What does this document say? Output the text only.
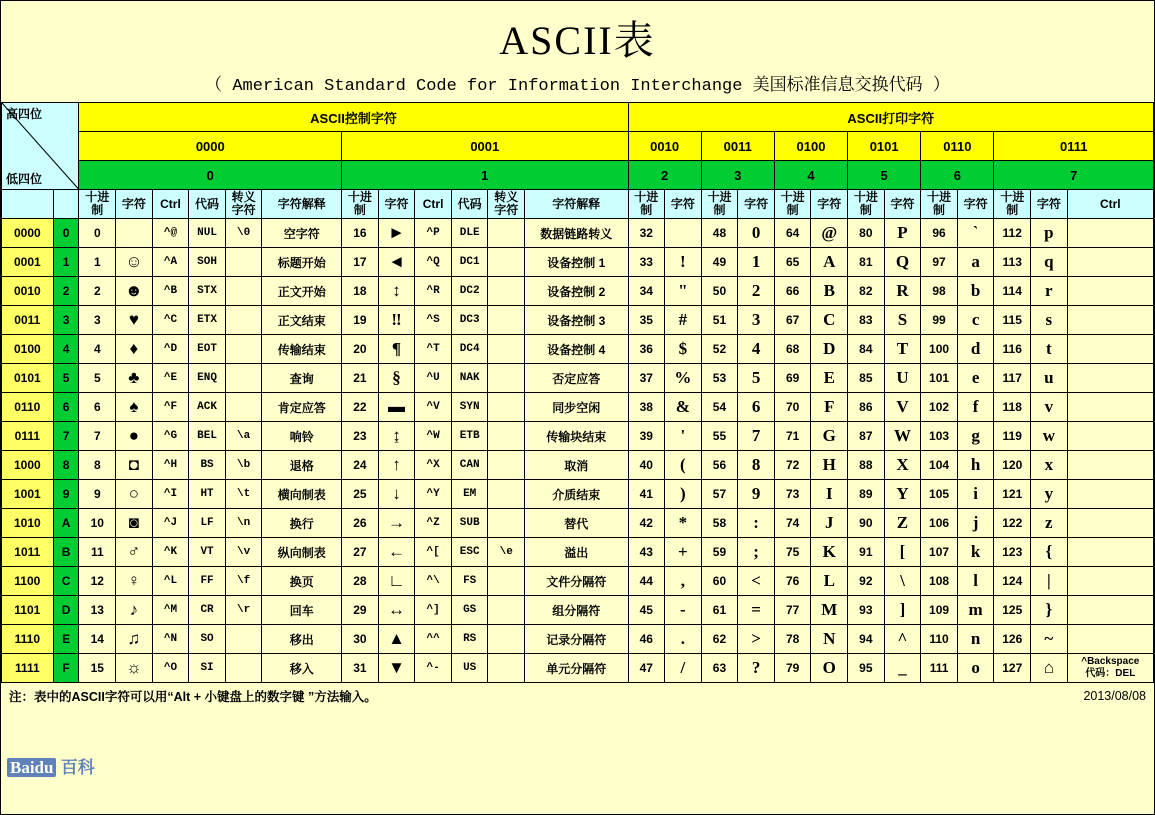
ASCII表
（ American Standard Code for Information Interchange 美国标准信息交换代码 ）
高四位
低四位		ASCII控制字符												ASCII打印字符												
		0000						0001						0010		0011		0100		0101		0110		0111		
		0						1						2		3		4		5		6		7		
		十进制	字符	Ctrl	代码	转义字符	字符解释	十进制	字符	Ctrl	代码	转义字符	字符解释	十进制	字符	十进制	字符	十进制	字符	十进制	字符	十进制	字符	十进制	字符	Ctrl
0000	0	0		^@	NUL	\0	空字符	16	►	^P	DLE		数据链路转义	32		48	0	64	@	80	P	96	`	112	p	
0001	1	1	☺	^A	SOH		标题开始	17	◄	^Q	DC1		设备控制 1	33	!	49	1	65	A	81	Q	97	a	113	q	
0010	2	2	☻	^B	STX		正文开始	18	↕	^R	DC2		设备控制 2	34	"	50	2	66	B	82	R	98	b	114	r	
0011	3	3	♥	^C	ETX		正文结束	19	‼	^S	DC3		设备控制 3	35	#	51	3	67	C	83	S	99	c	115	s	
0100	4	4	♦	^D	EOT		传输结束	20	¶	^T	DC4		设备控制 4	36	$	52	4	68	D	84	T	100	d	116	t	
0101	5	5	♣	^E	ENQ		查询	21	§	^U	NAK		否定应答	37	%	53	5	69	E	85	U	101	e	117	u	
0110	6	6	♠	^F	ACK		肯定应答	22	▬	^V	SYN		同步空闲	38	&	54	6	70	F	86	V	102	f	118	v	
0111	7	7	●	^G	BEL	\a	响铃	23	↨	^W	ETB		传输块结束	39	'	55	7	71	G	87	W	103	g	119	w	
1000	8	8	◘	^H	BS	\b	退格	24	↑	^X	CAN		取消	40	(	56	8	72	H	88	X	104	h	120	x	
1001	9	9	○	^I	HT	\t	横向制表	25	↓	^Y	EM		介质结束	41	)	57	9	73	I	89	Y	105	i	121	y	
1010	A	10	◙	^J	LF	\n	换行	26	→	^Z	SUB		替代	42	*	58	:	74	J	90	Z	106	j	122	z	
1011	B	11	♂	^K	VT	\v	纵向制表	27	←	^[	ESC	\e	溢出	43	+	59	;	75	K	91	[	107	k	123	{	
1100	C	12	♀	^L	FF	\f	换页	28	∟	^\	FS		文件分隔符	44	,	60	<	76	L	92	\	108	l	124	|	
1101	D	13	♪	^M	CR	\r	回车	29	↔	^]	GS		组分隔符	45	-	61	=	77	M	93	]	109	m	125	}	
1110	E	14	♫	^N	SO		移出	30	▲	^^	RS		记录分隔符	46	.	62	>	78	N	94	^	110	n	126	~	
1111	F	15	☼	^O	SI		移入	31	▼	^-	US		单元分隔符	47	/	63	?	79	O	95	_	111	o	127	⌂	^Backspace
代码：DEL
注：表中的ASCII字符可以用“Alt + 小键盘上的数字键 ”方法输入。	2013/08/08
Baidu 百科
